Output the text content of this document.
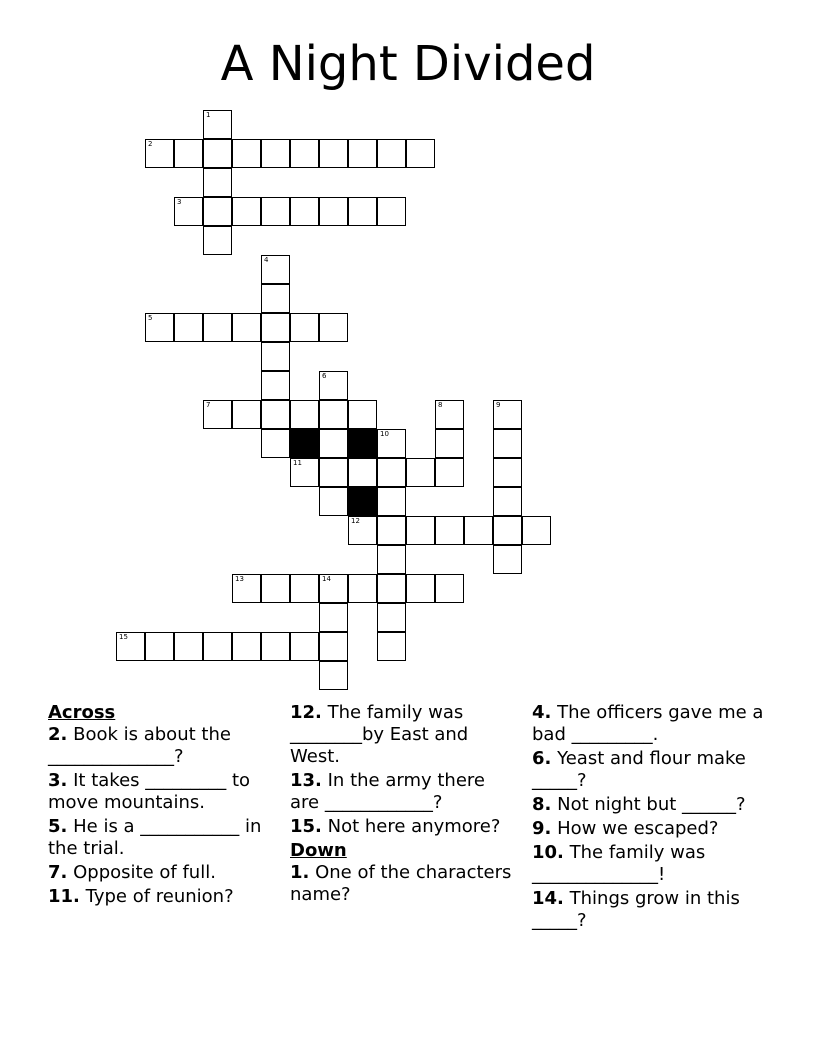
A Night Divided
1
2
3
4
5
6
7	8	9
10
11
12
13	14
15
Across
2. Book is about the ______________?
3. It takes _________ to move mountains.
5. He is a ___________ in the trial.
7. Opposite of full.
11. Type of reunion?
12. The family was ________by East and West.
13. In the army there are ____________?
15. Not here anymore?
Down
1. One of the characters name?
4. The officers gave me a bad _________.
6. Yeast and flour make _____?
8. Not night but ______?
9. How we escaped?
10. The family was ______________!
14. Things grow in this _____?
